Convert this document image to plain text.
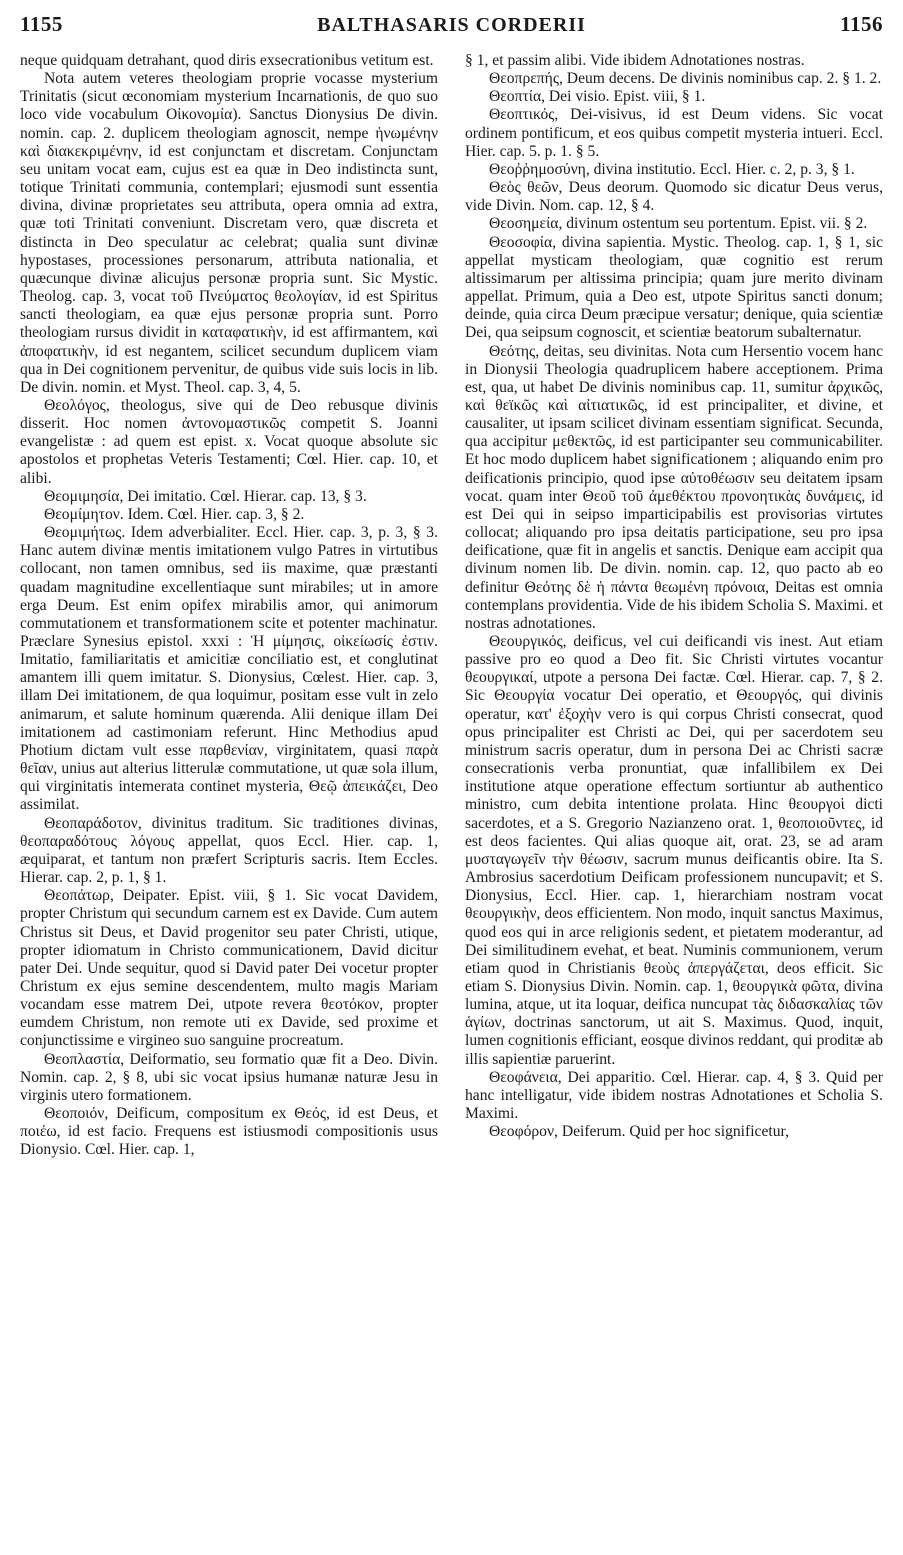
1155	BALTHASARIS CORDERII	1156

neque quidquam detrahant, quod diris exsecrationibus vetitum est.

Nota autem veteres theologiam proprie vocasse mysterium Trinitatis (sicut œconomiam mysterium Incarnationis, de quo suo loco vide vocabulum Οἰκονομία). Sanctus Dionysius De divin. nomin. cap. 2. duplicem theologiam agnoscit, nempe ἡνωμένην καὶ διακεκριμένην, id est conjunctam et discretam. Conjunctam seu unitam vocat eam, cujus est ea quæ in Deo indistincta sunt, totique Trinitati communia, contemplari; ejusmodi sunt essentia divina, divinæ proprietates seu attributa, opera omnia ad extra, quæ toti Trinitati conveniunt. Discretam vero, quæ discreta et distincta in Deo speculatur ac celebrat; qualia sunt divinæ hypostases, processiones personarum, attributa nationalia, et quæcunque divinæ alicujus personæ propria sunt. Sic Mystic. Theolog. cap. 3, vocat τοῦ Πνεύματος θεολογίαν, id est Spiritus sancti theologiam, ea quæ ejus personæ propria sunt. Porro theologiam rursus dividit in καταφατικὴν, id est affirmantem, καὶ ἀποφατικὴν, id est negantem, scilicet secundum duplicem viam qua in Dei cognitionem pervenitur, de quibus vide suis locis in lib. De divin. nomin. et Myst. Theol. cap. 3, 4, 5.

Θεολόγος, theologus, sive qui de Deo rebusque divinis disserit. Hoc nomen ἀντονομαστικῶς competit S. Joanni evangelistæ : ad quem est epist. x. Vocat quoque absolute sic apostolos et prophetas Veteris Testamenti; Cœl. Hier. cap. 10, et alibi.

Θεομιμησία, Dei imitatio. Cœl. Hierar. cap. 13, § 3.

Θεομίμητον. Idem. Cœl. Hier. cap. 3, § 2.

Θεομιμήτως. Idem adverbialiter. Eccl. Hier. cap. 3, p. 3, § 3. Hanc autem divinæ mentis imitationem vulgo Patres in virtutibus collocant, non tamen omnibus, sed iis maxime, quæ præstanti quadam magnitudine excellentiaque sunt mirabiles; ut in amore erga Deum. Est enim opifex mirabilis amor, qui animorum commutationem et transformationem scite et potenter machinatur. Præclare Synesius epistol. xxxi : Ἡ μίμησις, οἰκείωσίς ἐστιν. Imitatio, familiaritatis et amicitiæ conciliatio est, et conglutinat amantem illi quem imitatur. S. Dionysius, Cœlest. Hier. cap. 3, illam Dei imitationem, de qua loquimur, positam esse vult in zelo animarum, et salute hominum quærenda. Alii denique illam Dei imitationem ad castimoniam referunt. Hinc Methodius apud Photium dictam vult esse παρθενίαν, virginitatem, quasi παρὰ θεῖαν, unius aut alterius litterulæ commutatione, ut quæ sola illum, qui virginitatis intemerata continet mysteria, Θεῷ ἀπεικάζει, Deo assimilat.

Θεοπαράδοτον, divinitus traditum. Sic traditiones divinas, θεοπαραδότους λόγους appellat, quos Eccl. Hier. cap. 1, æquiparat, et tantum non præfert Scripturis sacris. Item Eccles. Hierar. cap. 2, p. 1, § 1.

Θεοπάτωρ, Deipater. Epist. viii, § 1. Sic vocat Davidem, propter Christum qui secundum carnem est ex Davide. Cum autem Christus sit Deus, et David progenitor seu pater Christi, utique, propter idiomatum in Christo communicationem, David dicitur pater Dei. Unde sequitur, quod si David pater Dei vocetur propter Christum ex ejus semine descendentem, multo magis Mariam vocandam esse matrem Dei, utpote revera θεοτόκον, propter eumdem Christum, non remote uti ex Davide, sed proxime et conjunctissime e virgineo suo sanguine procreatum.

Θεοπλαστία, Deiformatio, seu formatio quæ fit a Deo. Divin. Nomin. cap. 2, § 8, ubi sic vocat ipsius humanæ naturæ Jesu in virginis utero formationem.

Θεοποιόν, Deificum, compositum ex Θεός, id est Deus, et ποιέω, id est facio. Frequens est istiusmodi compositionis usus Dionysio. Cœl. Hier. cap. 1,

§ 1, et passim alibi. Vide ibidem Adnotationes nostras.

Θεοπρεπής, Deum decens. De divinis nominibus cap. 2. § 1. 2.

Θεοπτία, Dei visio. Epist. viii, § 1.

Θεοπτικός, Dei-visivus, id est Deum videns. Sic vocat ordinem pontificum, et eos quibus competit mysteria intueri. Eccl. Hier. cap. 5. p. 1. § 5.

Θεοῤῥημοσύνη, divina institutio. Eccl. Hier. c. 2, p. 3, § 1.

Θεὸς θεῶν, Deus deorum. Quomodo sic dicatur Deus verus, vide Divin. Nom. cap. 12, § 4.

Θεοσημεία, divinum ostentum seu portentum. Epist. vii. § 2.

Θεοσοφία, divina sapientia. Mystic. Theolog. cap. 1, § 1, sic appellat mysticam theologiam, quæ cognitio est rerum altissimarum per altissima principia; quam jure merito divinam appellat. Primum, quia a Deo est, utpote Spiritus sancti donum; deinde, quia circa Deum præcipue versatur; denique, quia scientiæ Dei, qua seipsum cognoscit, et scientiæ beatorum subalternatur.

Θεότης, deitas, seu divinitas. Nota cum Hersentio vocem hanc in Dionysii Theologia quadruplicem habere acceptionem. Prima est, qua, ut habet De divinis nominibus cap. 11, sumitur ἀρχικῶς, καὶ θεϊκῶς καὶ αἰτιατικῶς, id est principaliter, et divine, et causaliter, ut ipsam scilicet divinam essentiam significat. Secunda, qua accipitur μεθεκτῶς, id est participanter seu communicabiliter. Et hoc modo duplicem habet significationem ; aliquando enim pro deificationis principio, quod ipse αὐτοθέωσιν seu deitatem ipsam vocat. quam inter Θεοῦ τοῦ ἀμεθέκτου προνοητικὰς δυνάμεις, id est Dei qui in seipso imparticipabilis est provisorias virtutes collocat; aliquando pro ipsa deitatis participatione, seu pro ipsa deificatione, quæ fit in angelis et sanctis. Denique eam accipit qua divinum nomen lib. De divin. nomin. cap. 12, quo pacto ab eo definitur Θεότης δὲ ἡ πάντα θεωμένη πρόνοια, Deitas est omnia contemplans providentia. Vide de his ibidem Scholia S. Maximi. et nostras adnotationes.

Θεουργικός, deificus, vel cui deificandi vis inest. Aut etiam passive pro eo quod a Deo fit. Sic Christi virtutes vocantur θεουργικαί, utpote a persona Dei factæ. Cœl. Hierar. cap. 7, § 2. Sic Θεουργία vocatur Dei operatio, et Θεουργός, qui divinis operatur, κατ' ἐξοχὴν vero is qui corpus Christi consecrat, quod opus principaliter est Christi ac Dei, qui per sacerdotem seu ministrum sacris operatur, dum in persona Dei ac Christi sacræ consecrationis verba pronuntiat, quæ infallibilem ex Dei institutione atque operatione effectum sortiuntur ab authentico ministro, cum debita intentione prolata. Hinc θεουργοὶ dicti sacerdotes, et a S. Gregorio Nazianzeno orat. 1, θεοποιοῦντες, id est deos facientes. Qui alias quoque ait, orat. 23, se ad aram μυσταγωγεῖν τὴν θέωσιν, sacrum munus deificantis obire. Ita S. Ambrosius sacerdotium Deificam professionem nuncupavit; et S. Dionysius, Eccl. Hier. cap. 1, hierarchiam nostram vocat θεουργικὴν, deos efficientem. Non modo, inquit sanctus Maximus, quod eos qui in arce religionis sedent, et pietatem moderantur, ad Dei similitudinem evehat, et beat. Numinis communionem, verum etiam quod in Christianis θεοὺς ἀπεργάζεται, deos efficit. Sic etiam S. Dionysius Divin. Nomin. cap. 1, θεουργικὰ φῶτα, divina lumina, atque, ut ita loquar, deifica nuncupat τὰς διδασκαλίας τῶν ἁγίων, doctrinas sanctorum, ut ait S. Maximus. Quod, inquit, lumen cognitionis efficiant, eosque divinos reddant, qui proditæ ab illis sapientiæ paruerint.

Θεοφάνεια, Dei apparitio. Cœl. Hierar. cap. 4, § 3. Quid per hanc intelligatur, vide ibidem nostras Adnotationes et Scholia S. Maximi.

Θεοφόρον, Deiferum. Quid per hoc significetur,
